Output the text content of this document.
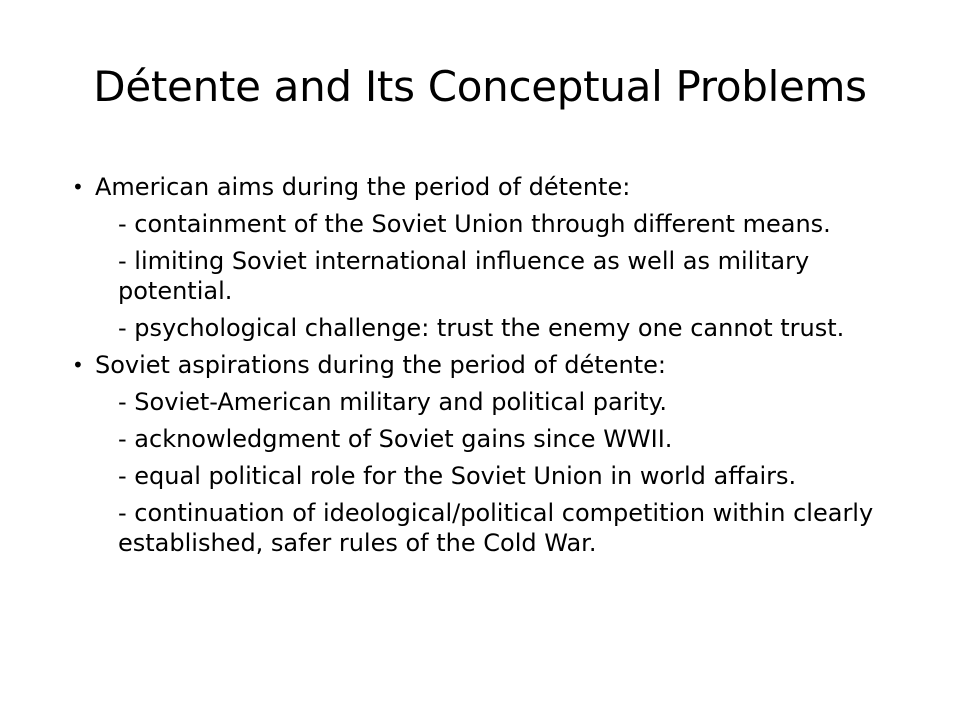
Détente and Its Conceptual Problems
• American aims during the period of détente:
- containment of the Soviet Union through different means.
- limiting Soviet international influence as well as military potential.
- psychological challenge: trust the enemy one cannot trust.
• Soviet aspirations during the period of détente:
- Soviet-American military and political parity.
- acknowledgment of Soviet gains since WWII.
- equal political role for the Soviet Union in world affairs.
- continuation of ideological/political competition within clearly established, safer rules of the Cold War.
